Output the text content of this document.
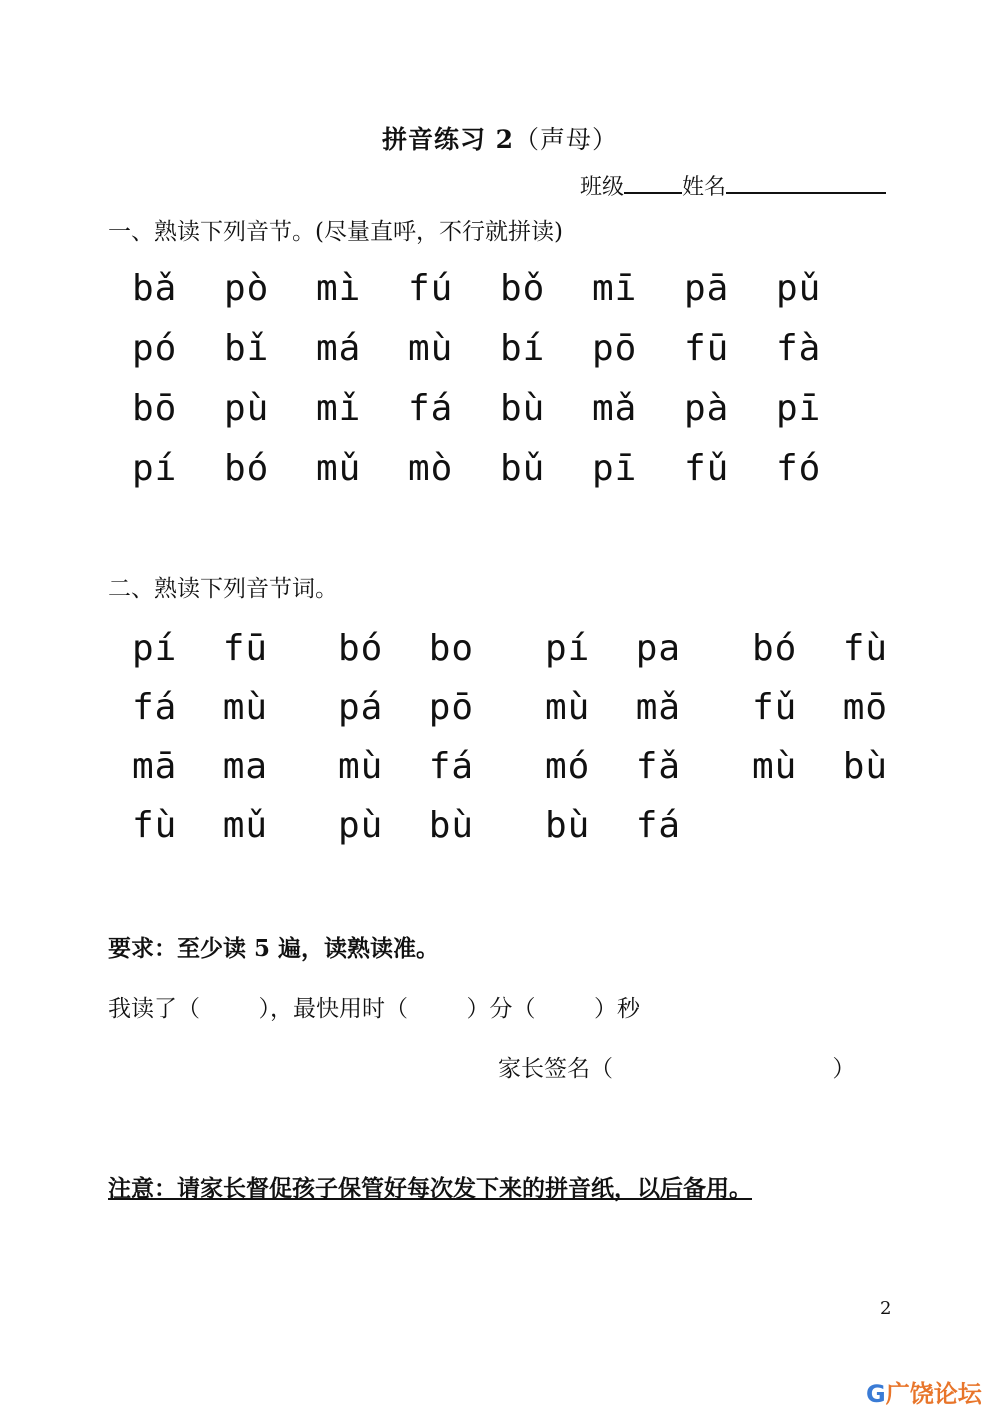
拼音练习 2（声母）
班级	姓名
一、熟读下列音节。(尽量直呼，不行就拼读)
bǎ pò mì fú bǒ mī pā pǔ
pó bǐ má mù bí pō fū fà
bō pù mǐ fá bù mǎ pà pī
pí bó mǔ mò bǔ pī fǔ fó
二、熟读下列音节词。
pí  fū bó  bo pí  pa bó  fù
fá  mù pá  pō mù  mǎ fǔ  mō
mā  ma mù  fá mó  fǎ mù  bù
fù  mǔ pù  bù bù  fá
要求：至少读 5 遍，读熟读准。
我读了（        ），最快用时（        ）分（        ）秒
家长签名（                              ）
注意：请家长督促孩子保管好每次发下来的拼音纸，以后备用。
2
G广饶论坛
